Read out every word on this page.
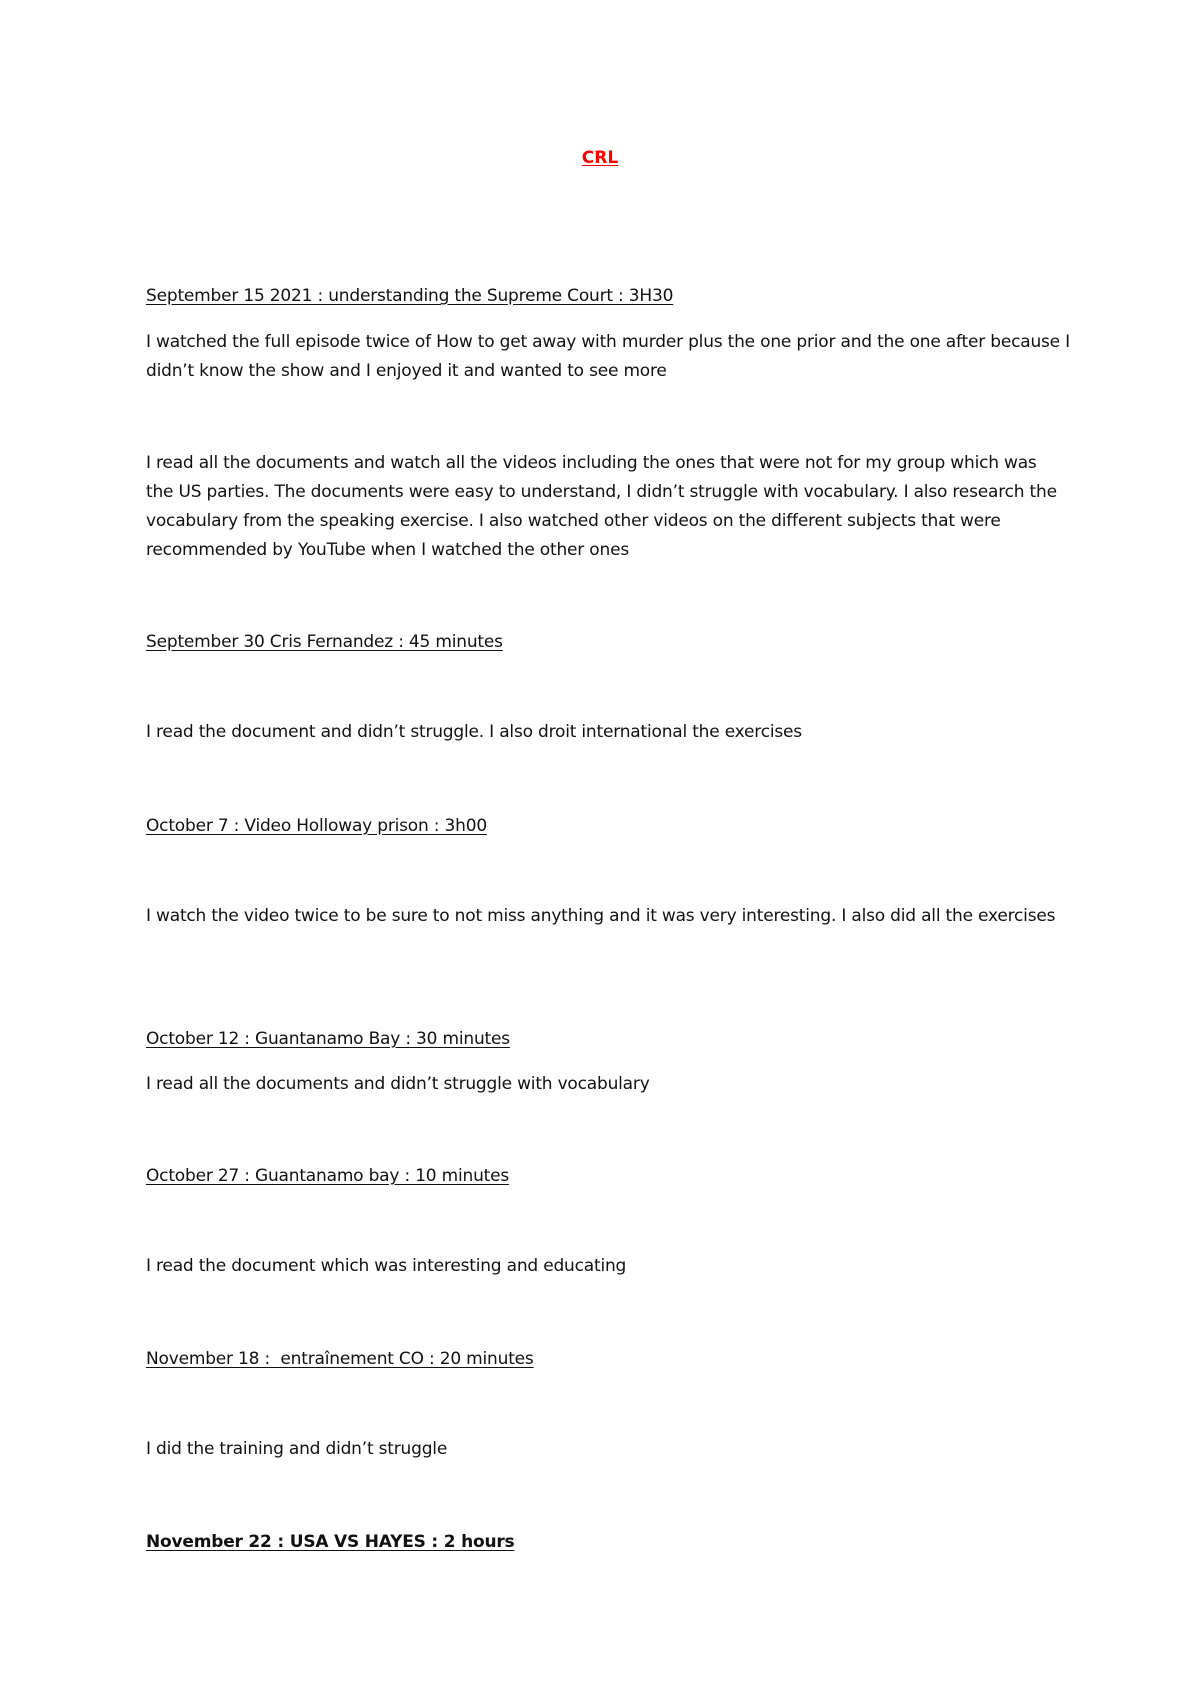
CRL
September 15 2021 : understanding the Supreme Court : 3H30
I watched the full episode twice of How to get away with murder plus the one prior and the one after because I didn’t know the show and I enjoyed it and wanted to see more
I read all the documents and watch all the videos including the ones that were not for my group which was the US parties. The documents were easy to understand, I didn’t struggle with vocabulary. I also research the vocabulary from the speaking exercise. I also watched other videos on the different subjects that were recommended by YouTube when I watched the other ones
September 30 Cris Fernandez : 45 minutes
I read the document and didn’t struggle. I also droit international the exercises
October 7 : Video Holloway prison : 3h00
I watch the video twice to be sure to not miss anything and it was very interesting. I also did all the exercises
October 12 : Guantanamo Bay : 30 minutes
I read all the documents and didn’t struggle with vocabulary
October 27 : Guantanamo bay : 10 minutes
I read the document which was interesting and educating
November 18 :  entraînement CO : 20 minutes
I did the training and didn’t struggle
November 22 : USA VS HAYES : 2 hours
